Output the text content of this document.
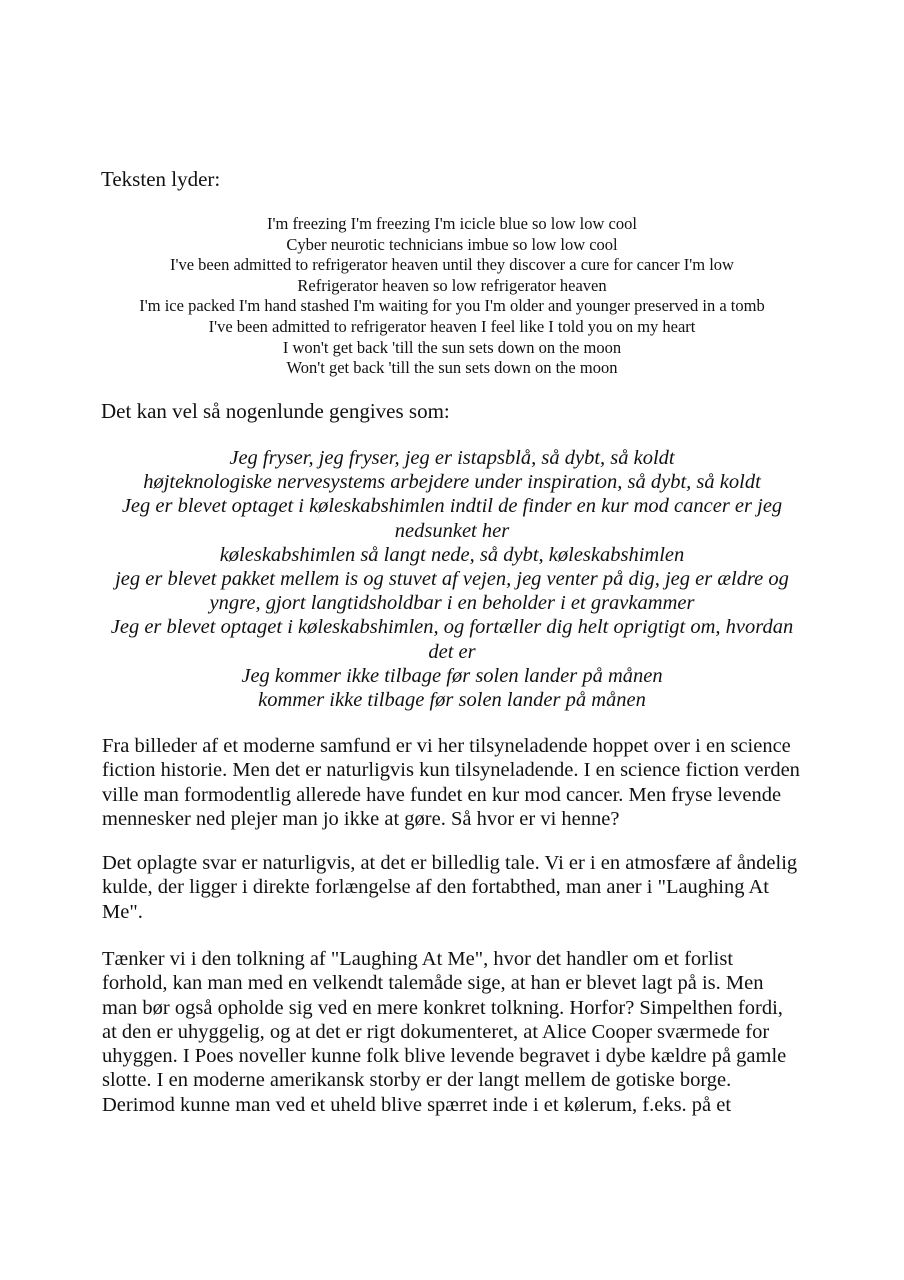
Teksten lyder:
I'm freezing I'm freezing I'm icicle blue so low low cool
Cyber neurotic technicians imbue so low low cool
I've been admitted to refrigerator heaven until they discover a cure for cancer I'm low
Refrigerator heaven so low refrigerator heaven
I'm ice packed I'm hand stashed I'm waiting for you I'm older and younger preserved in a tomb
I've been admitted to refrigerator heaven I feel like I told you on my heart
I won't get back 'till the sun sets down on the moon
Won't get back 'till the sun sets down on the moon
Det kan vel så nogenlunde gengives som:
Jeg fryser, jeg fryser, jeg er istapsblå, så dybt, så koldt
højteknologiske nervesystems arbejdere under inspiration, så dybt, så koldt
Jeg er blevet optaget i køleskabshimlen indtil de finder en kur mod cancer er jeg nedsunket her
køleskabshimlen så langt nede, så dybt, køleskabshimlen
jeg er blevet pakket mellem is og stuvet af vejen, jeg venter på dig, jeg er ældre og yngre, gjort langtidsholdbar i en beholder i et gravkammer
Jeg er blevet optaget i køleskabshimlen, og fortæller dig helt oprigtigt om, hvordan det er
Jeg kommer ikke tilbage før solen lander på månen
kommer ikke tilbage før solen lander på månen

Fra billeder af et moderne samfund er vi her tilsyneladende hoppet over i en science fiction historie. Men det er naturligvis kun tilsyneladende. I en science fiction verden ville man formodentlig allerede have fundet en kur mod cancer. Men fryse levende mennesker ned plejer man jo ikke at gøre. Så hvor er vi henne?

Det oplagte svar er naturligvis, at det er billedlig tale. Vi er i en atmosfære af åndelig kulde, der ligger i direkte forlængelse af den fortabthed, man aner i "Laughing At Me".

Tænker vi i den tolkning af "Laughing At Me", hvor det handler om et forlist forhold, kan man med en velkendt talemåde sige, at han er blevet lagt på is. Men man bør også opholde sig ved en mere konkret tolkning. Horfor? Simpelthen fordi, at den er uhyggelig, og at det er rigt dokumenteret, at Alice Cooper sværmede for uhyggen. I Poes noveller kunne folk blive levende begravet i dybe kældre på gamle slotte. I en moderne amerikansk storby er der langt mellem de gotiske borge. Derimod kunne man ved et uheld blive spærret inde i et kølerum, f.eks. på et
